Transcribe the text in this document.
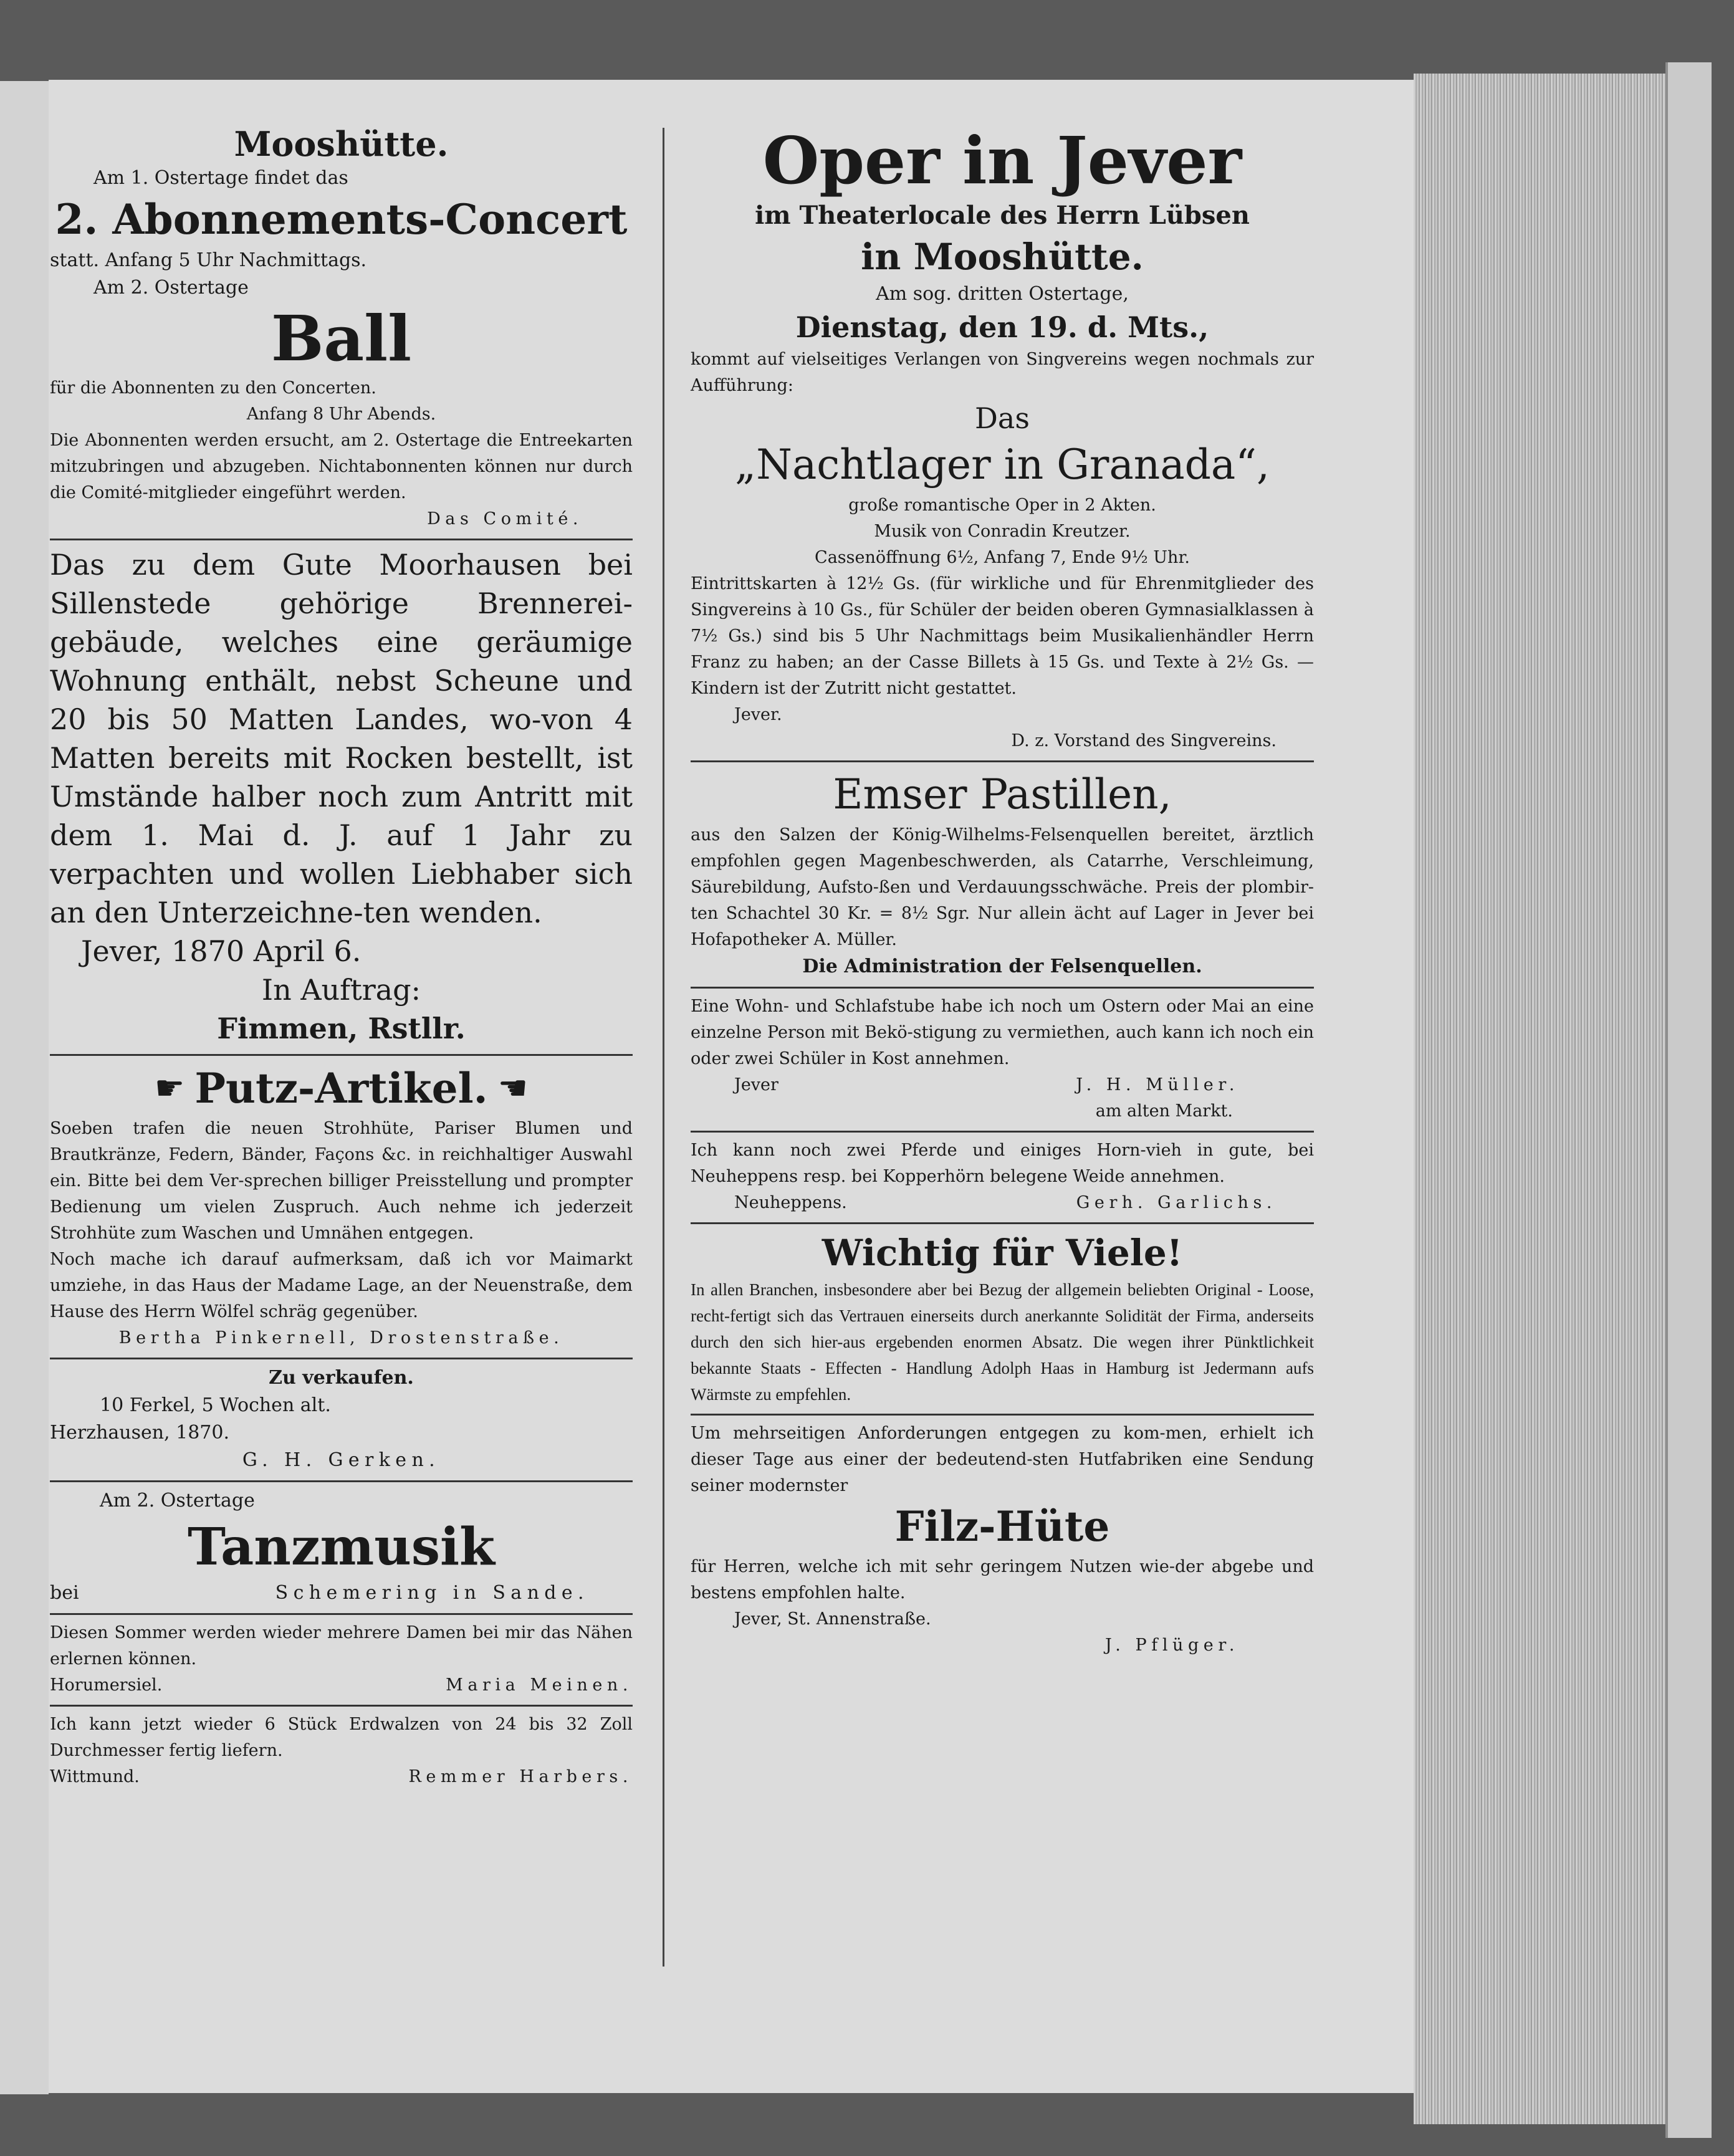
Mooshütte.

Am 1. Ostertage findet das

2. Abonnements-Concert

statt. Anfang 5 Uhr Nachmittags.

Am 2. Ostertage

Ball

für die Abonnenten zu den Concerten.

Anfang 8 Uhr Abends.

Die Abonnenten werden ersucht, am 2. Ostertage die Entreekarten mitzubringen und abzugeben. Nichtabonnenten können nur durch die Comité-mitglieder eingeführt werden.

Das Comité.

Das zu dem Gute Moorhausen bei Sillenstede gehörige Brennerei-gebäude, welches eine geräumige Wohnung enthält, nebst Scheune und 20 bis 50 Matten Landes, wo-von 4 Matten bereits mit Rocken bestellt, ist Umstände halber noch zum Antritt mit dem 1. Mai d. J. auf 1 Jahr zu verpachten und wollen Liebhaber sich an den Unterzeichne-ten wenden.

Jever, 1870 April 6.

In Auftrag:

Fimmen, Rstllr.

☛ Putz-Artikel. ☚

Soeben trafen die neuen Strohhüte, Pariser Blumen und Brautkränze, Federn, Bänder, Façons &c. in reichhaltiger Auswahl ein. Bitte bei dem Ver-sprechen billiger Preisstellung und prompter Bedienung um vielen Zuspruch. Auch nehme ich jederzeit Strohhüte zum Waschen und Umnähen entgegen.

Noch mache ich darauf aufmerksam, daß ich vor Maimarkt umziehe, in das Haus der Madame Lage, an der Neuenstraße, dem Hause des Herrn Wölfel schräg gegenüber.

Bertha Pinkernell, Drostenstraße.

Zu verkaufen.

10 Ferkel, 5 Wochen alt.

Herzhausen, 1870.

G. H. Gerken.

Am 2. Ostertage

Tanzmusik

bei	Schemering in Sande.

Diesen Sommer werden wieder mehrere Damen bei mir das Nähen erlernen können.

Horumersiel.	Maria Meinen.

Ich kann jetzt wieder 6 Stück Erdwalzen von 24 bis 32 Zoll Durchmesser fertig liefern.

Wittmund.	Remmer Harbers.

Oper in Jever

im Theaterlocale des Herrn Lübsen

in Mooshütte.

Am sog. dritten Ostertage,

Dienstag, den 19. d. Mts.,

kommt auf vielseitiges Verlangen von Singvereins wegen nochmals zur Aufführung:

Das

„Nachtlager in Granada“,

große romantische Oper in 2 Akten.

Musik von Conradin Kreutzer.

Cassenöffnung 6½, Anfang 7, Ende 9½ Uhr.

Eintrittskarten à 12½ Gs. (für wirkliche und für Ehrenmitglieder des Singvereins à 10 Gs., für Schüler der beiden oberen Gymnasialklassen à 7½ Gs.) sind bis 5 Uhr Nachmittags beim Musikalienhändler Herrn Franz zu haben; an der Casse Billets à 15 Gs. und Texte à 2½ Gs. — Kindern ist der Zutritt nicht gestattet.

Jever.

D. z. Vorstand des Singvereins.

Emser Pastillen,

aus den Salzen der König-Wilhelms-Felsenquellen bereitet, ärztlich empfohlen gegen Magenbeschwerden, als Catarrhe, Verschleimung, Säurebildung, Aufsto-ßen und Verdauungsschwäche. Preis der plombir-ten Schachtel 30 Kr. = 8½ Sgr. Nur allein ächt auf Lager in Jever bei Hofapotheker A. Müller.

Die Administration der Felsenquellen.

Eine Wohn- und Schlafstube habe ich noch um Ostern oder Mai an eine einzelne Person mit Bekö-stigung zu vermiethen, auch kann ich noch ein oder zwei Schüler in Kost annehmen.

Jever	J. H. Müller.

am alten Markt.

Ich kann noch zwei Pferde und einiges Horn-vieh in gute, bei Neuheppens resp. bei Kopperhörn belegene Weide annehmen.

Neuheppens.	Gerh. Garlichs.

Wichtig für Viele!

In allen Branchen, insbesondere aber bei Bezug der allgemein beliebten Original - Loose, recht-fertigt sich das Vertrauen einerseits durch anerkannte Solidität der Firma, anderseits durch den sich hier-aus ergebenden enormen Absatz. Die wegen ihrer Pünktlichkeit bekannte Staats - Effecten - Handlung Adolph Haas in Hamburg ist Jedermann aufs Wärmste zu empfehlen.

Um mehrseitigen Anforderungen entgegen zu kom-men, erhielt ich dieser Tage aus einer der bedeutend-sten Hutfabriken eine Sendung seiner modernster

Filz-Hüte

für Herren, welche ich mit sehr geringem Nutzen wie-der abgebe und bestens empfohlen halte.

Jever, St. Annenstraße.

J. Pflüger.
